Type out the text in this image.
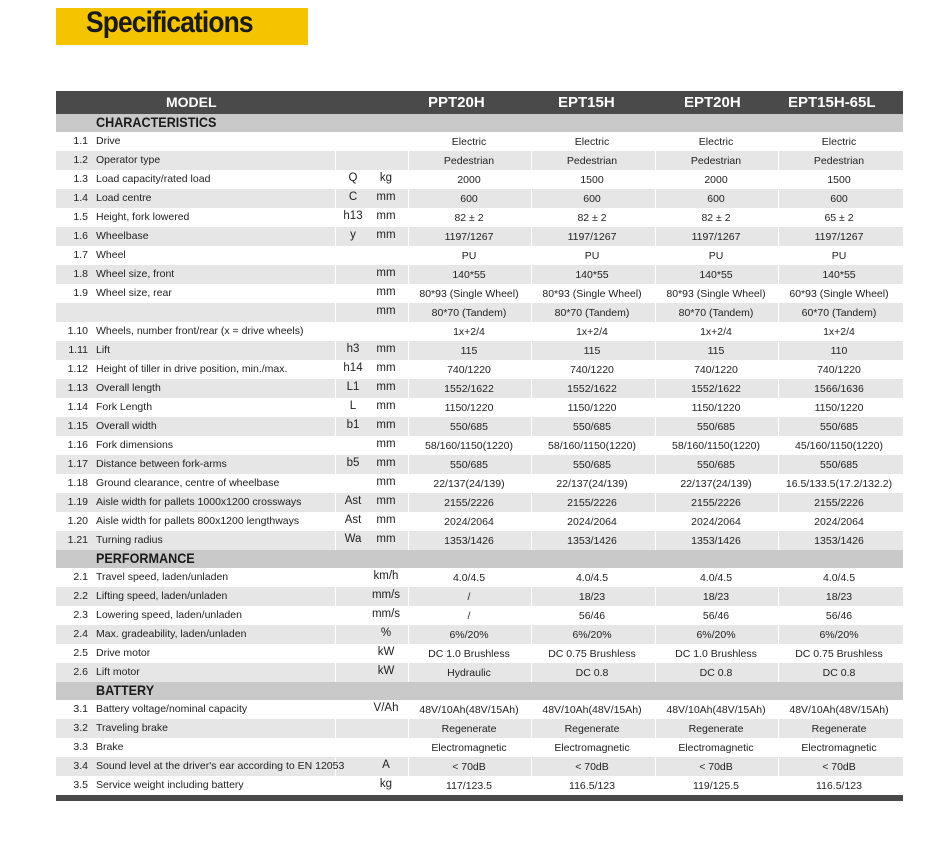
Specifications
MODEL	PPT20H	EPT15H	EPT20H	EPT15H-65L
CHARACTERISTICS
1.1 Drive	Electric	Electric	Electric	Electric
1.2 Operator type	Pedestrian	Pedestrian	Pedestrian	Pedestrian
1.3 Load capacity/rated load	Q	kg	2000	1500	2000	1500
1.4 Load centre	C	mm	600	600	600	600
1.5 Height, fork lowered	h13	mm	82 ± 2	82 ± 2	82 ± 2	65 ± 2
1.6 Wheelbase	y	mm	1197/1267	1197/1267	1197/1267	1197/1267
1.7 Wheel	PU	PU	PU	PU
1.8 Wheel size, front	mm	140*55	140*55	140*55	140*55
1.9 Wheel size, rear	mm	80*93 (Single Wheel)	80*93 (Single Wheel)	80*93 (Single Wheel)	60*93 (Single Wheel)
mm	80*70 (Tandem)	80*70 (Tandem)	80*70 (Tandem)	60*70 (Tandem)
1.10 Wheels, number front/rear (x = drive wheels)	1x+2/4	1x+2/4	1x+2/4	1x+2/4
1.11 Lift	h3	mm	115	115	115	110
1.12 Height of tiller in drive position, min./max.	h14	mm	740/1220	740/1220	740/1220	740/1220
1.13 Overall length	L1	mm	1552/1622	1552/1622	1552/1622	1566/1636
1.14 Fork Length	L	mm	1150/1220	1150/1220	1150/1220	1150/1220
1.15 Overall width	b1	mm	550/685	550/685	550/685	550/685
1.16 Fork dimensions	mm	58/160/1150(1220)	58/160/1150(1220)	58/160/1150(1220)	45/160/1150(1220)
1.17 Distance between fork-arms	b5	mm	550/685	550/685	550/685	550/685
1.18 Ground clearance, centre of wheelbase	mm	22/137(24/139)	22/137(24/139)	22/137(24/139)	16.5/133.5(17.2/132.2)
1.19 Aisle width for pallets 1000x1200 crossways	Ast	mm	2155/2226	2155/2226	2155/2226	2155/2226
1.20 Aisle width for pallets 800x1200 lengthways	Ast	mm	2024/2064	2024/2064	2024/2064	2024/2064
1.21 Turning radius	Wa	mm	1353/1426	1353/1426	1353/1426	1353/1426
PERFORMANCE
2.1 Travel speed, laden/unladen	km/h	4.0/4.5	4.0/4.5	4.0/4.5	4.0/4.5
2.2 Lifting speed, laden/unladen	mm/s	/	18/23	18/23	18/23
2.3 Lowering speed, laden/unladen	mm/s	/	56/46	56/46	56/46
2.4 Max. gradeability, laden/unladen	%	6%/20%	6%/20%	6%/20%	6%/20%
2.5 Drive motor	kW	DC 1.0 Brushless	DC 0.75 Brushless	DC 1.0 Brushless	DC 0.75 Brushless
2.6 Lift motor	kW	Hydraulic	DC 0.8	DC 0.8	DC 0.8
BATTERY
3.1 Battery voltage/nominal capacity	V/Ah	48V/10Ah(48V/15Ah)	48V/10Ah(48V/15Ah)	48V/10Ah(48V/15Ah)	48V/10Ah(48V/15Ah)
3.2 Traveling brake	Regenerate	Regenerate	Regenerate	Regenerate
3.3 Brake	Electromagnetic	Electromagnetic	Electromagnetic	Electromagnetic
3.4 Sound level at the driver's ear according to EN 12053	A	< 70dB	< 70dB	< 70dB	< 70dB
3.5 Service weight including battery	kg	117/123.5	116.5/123	119/125.5	116.5/123
